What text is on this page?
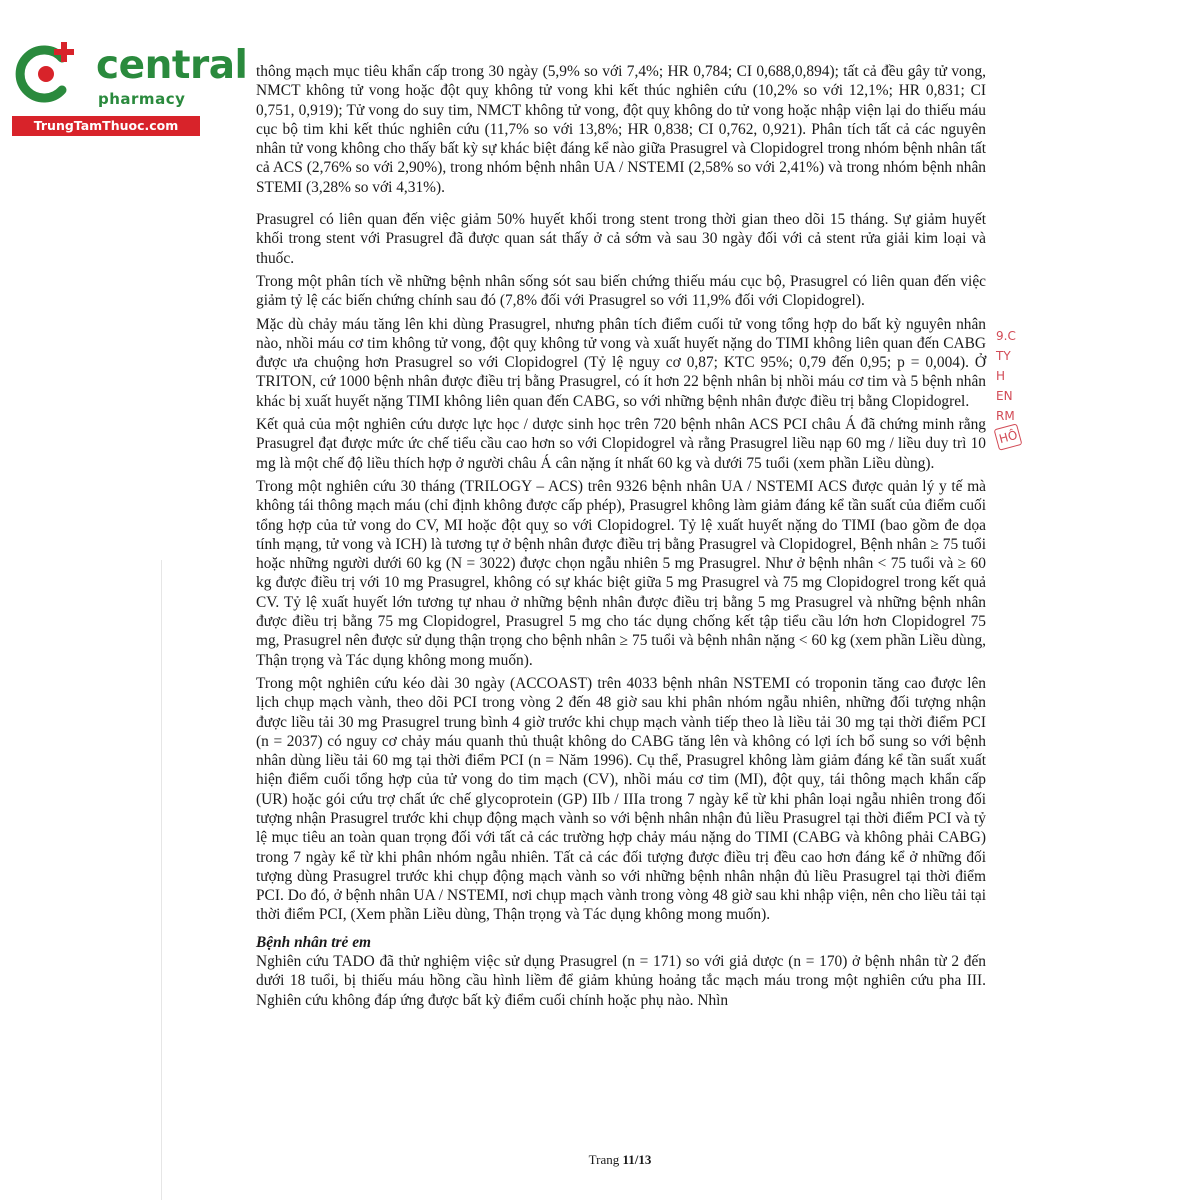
central
pharmacy
TrungTamThuoc.com

thông mạch mục tiêu khẩn cấp trong 30 ngày (5,9% so với 7,4%; HR 0,784; CI 0,688,0,894); tất cả đều gây tử vong, NMCT không tử vong hoặc đột quỵ không tử vong khi kết thúc nghiên cứu (10,2% so với 12,1%; HR 0,831; CI 0,751, 0,919); Tử vong do suy tim, NMCT không tử vong, đột quỵ không do tử vong hoặc nhập viện lại do thiếu máu cục bộ tim khi kết thúc nghiên cứu (11,7% so với 13,8%; HR 0,838; CI 0,762, 0,921). Phân tích tất cả các nguyên nhân tử vong không cho thấy bất kỳ sự khác biệt đáng kể nào giữa Prasugrel và Clopidogrel trong nhóm bệnh nhân tất cả ACS (2,76% so với 2,90%), trong nhóm bệnh nhân UA / NSTEMI (2,58% so với 2,41%) và trong nhóm bệnh nhân STEMI (3,28% so với 4,31%).

Prasugrel có liên quan đến việc giảm 50% huyết khối trong stent trong thời gian theo dõi 15 tháng. Sự giảm huyết khối trong stent với Prasugrel đã được quan sát thấy ở cả sớm và sau 30 ngày đối với cả stent rửa giải kim loại và thuốc.

Trong một phân tích về những bệnh nhân sống sót sau biến chứng thiếu máu cục bộ, Prasugrel có liên quan đến việc giảm tỷ lệ các biến chứng chính sau đó (7,8% đối với Prasugrel so với 11,9% đối với Clopidogrel).

Mặc dù chảy máu tăng lên khi dùng Prasugrel, nhưng phân tích điểm cuối tử vong tổng hợp do bất kỳ nguyên nhân nào, nhồi máu cơ tim không tử vong, đột quỵ không tử vong và xuất huyết nặng do TIMI không liên quan đến CABG được ưa chuộng hơn Prasugrel so với Clopidogrel (Tỷ lệ nguy cơ 0,87; KTC 95%; 0,79 đến 0,95; p = 0,004). Ở TRITON, cứ 1000 bệnh nhân được điều trị bằng Prasugrel, có ít hơn 22 bệnh nhân bị nhồi máu cơ tim và 5 bệnh nhân khác bị xuất huyết nặng TIMI không liên quan đến CABG, so với những bệnh nhân được điều trị bằng Clopidogrel.

Kết quả của một nghiên cứu dược lực học / dược sinh học trên 720 bệnh nhân ACS PCI châu Á đã chứng minh rằng Prasugrel đạt được mức ức chế tiểu cầu cao hơn so với Clopidogrel và rằng Prasugrel liều nạp 60 mg / liều duy trì 10 mg là một chế độ liều thích hợp ở người châu Á cân nặng ít nhất 60 kg và dưới 75 tuổi (xem phần Liều dùng).

Trong một nghiên cứu 30 tháng (TRILOGY – ACS) trên 9326 bệnh nhân UA / NSTEMI ACS được quản lý y tế mà không tái thông mạch máu (chỉ định không được cấp phép), Prasugrel không làm giảm đáng kể tần suất của điểm cuối tổng hợp của tử vong do CV, MI hoặc đột quỵ so với Clopidogrel. Tỷ lệ xuất huyết nặng do TIMI (bao gồm đe dọa tính mạng, tử vong và ICH) là tương tự ở bệnh nhân được điều trị bằng Prasugrel và Clopidogrel, Bệnh nhân ≥ 75 tuổi hoặc những người dưới 60 kg (N = 3022) được chọn ngẫu nhiên 5 mg Prasugrel. Như ở bệnh nhân < 75 tuổi và ≥ 60 kg được điều trị với 10 mg Prasugrel, không có sự khác biệt giữa 5 mg Prasugrel và 75 mg Clopidogrel trong kết quả CV. Tỷ lệ xuất huyết lớn tương tự nhau ở những bệnh nhân được điều trị bằng 5 mg Prasugrel và những bệnh nhân được điều trị bằng 75 mg Clopidogrel, Prasugrel 5 mg cho tác dụng chống kết tập tiểu cầu lớn hơn Clopidogrel 75 mg, Prasugrel nên được sử dụng thận trọng cho bệnh nhân ≥ 75 tuổi và bệnh nhân nặng < 60 kg (xem phần Liều dùng, Thận trọng và Tác dụng không mong muốn).

Trong một nghiên cứu kéo dài 30 ngày (ACCOAST) trên 4033 bệnh nhân NSTEMI có troponin tăng cao được lên lịch chụp mạch vành, theo dõi PCI trong vòng 2 đến 48 giờ sau khi phân nhóm ngẫu nhiên, những đối tượng nhận được liều tải 30 mg Prasugrel trung bình 4 giờ trước khi chụp mạch vành tiếp theo là liều tải 30 mg tại thời điểm PCI (n = 2037) có nguy cơ chảy máu quanh thủ thuật không do CABG tăng lên và không có lợi ích bổ sung so với bệnh nhân dùng liều tải 60 mg tại thời điểm PCI (n = Năm 1996). Cụ thể, Prasugrel không làm giảm đáng kể tần suất xuất hiện điểm cuối tổng hợp của tử vong do tim mạch (CV), nhồi máu cơ tim (MI), đột quỵ, tái thông mạch khẩn cấp (UR) hoặc gói cứu trợ chất ức chế glycoprotein (GP) IIb / IIIa trong 7 ngày kể từ khi phân loại ngẫu nhiên trong đối tượng nhận Prasugrel trước khi chụp động mạch vành so với bệnh nhân nhận đủ liều Prasugrel tại thời điểm PCI và tỷ lệ mục tiêu an toàn quan trọng đối với tất cả các trường hợp chảy máu nặng do TIMI (CABG và không phải CABG) trong 7 ngày kể từ khi phân nhóm ngẫu nhiên. Tất cả các đối tượng được điều trị đều cao hơn đáng kể ở những đối tượng dùng Prasugrel trước khi chụp động mạch vành so với những bệnh nhân nhận đủ liều Prasugrel tại thời điểm PCI. Do đó, ở bệnh nhân UA / NSTEMI, nơi chụp mạch vành trong vòng 48 giờ sau khi nhập viện, nên cho liều tải tại thời điểm PCI, (Xem phần Liều dùng, Thận trọng và Tác dụng không mong muốn).

Bệnh nhân trẻ em

Nghiên cứu TADO đã thử nghiệm việc sử dụng Prasugrel (n = 171) so với giả dược (n = 170) ở bệnh nhân từ 2 đến dưới 18 tuổi, bị thiếu máu hồng cầu hình liềm để giảm khủng hoảng tắc mạch máu trong một nghiên cứu pha III. Nghiên cứu không đáp ứng được bất kỳ điểm cuối chính hoặc phụ nào. Nhìn

9.C
TY
H
EN
RM
HÔ
Trang 11/13
